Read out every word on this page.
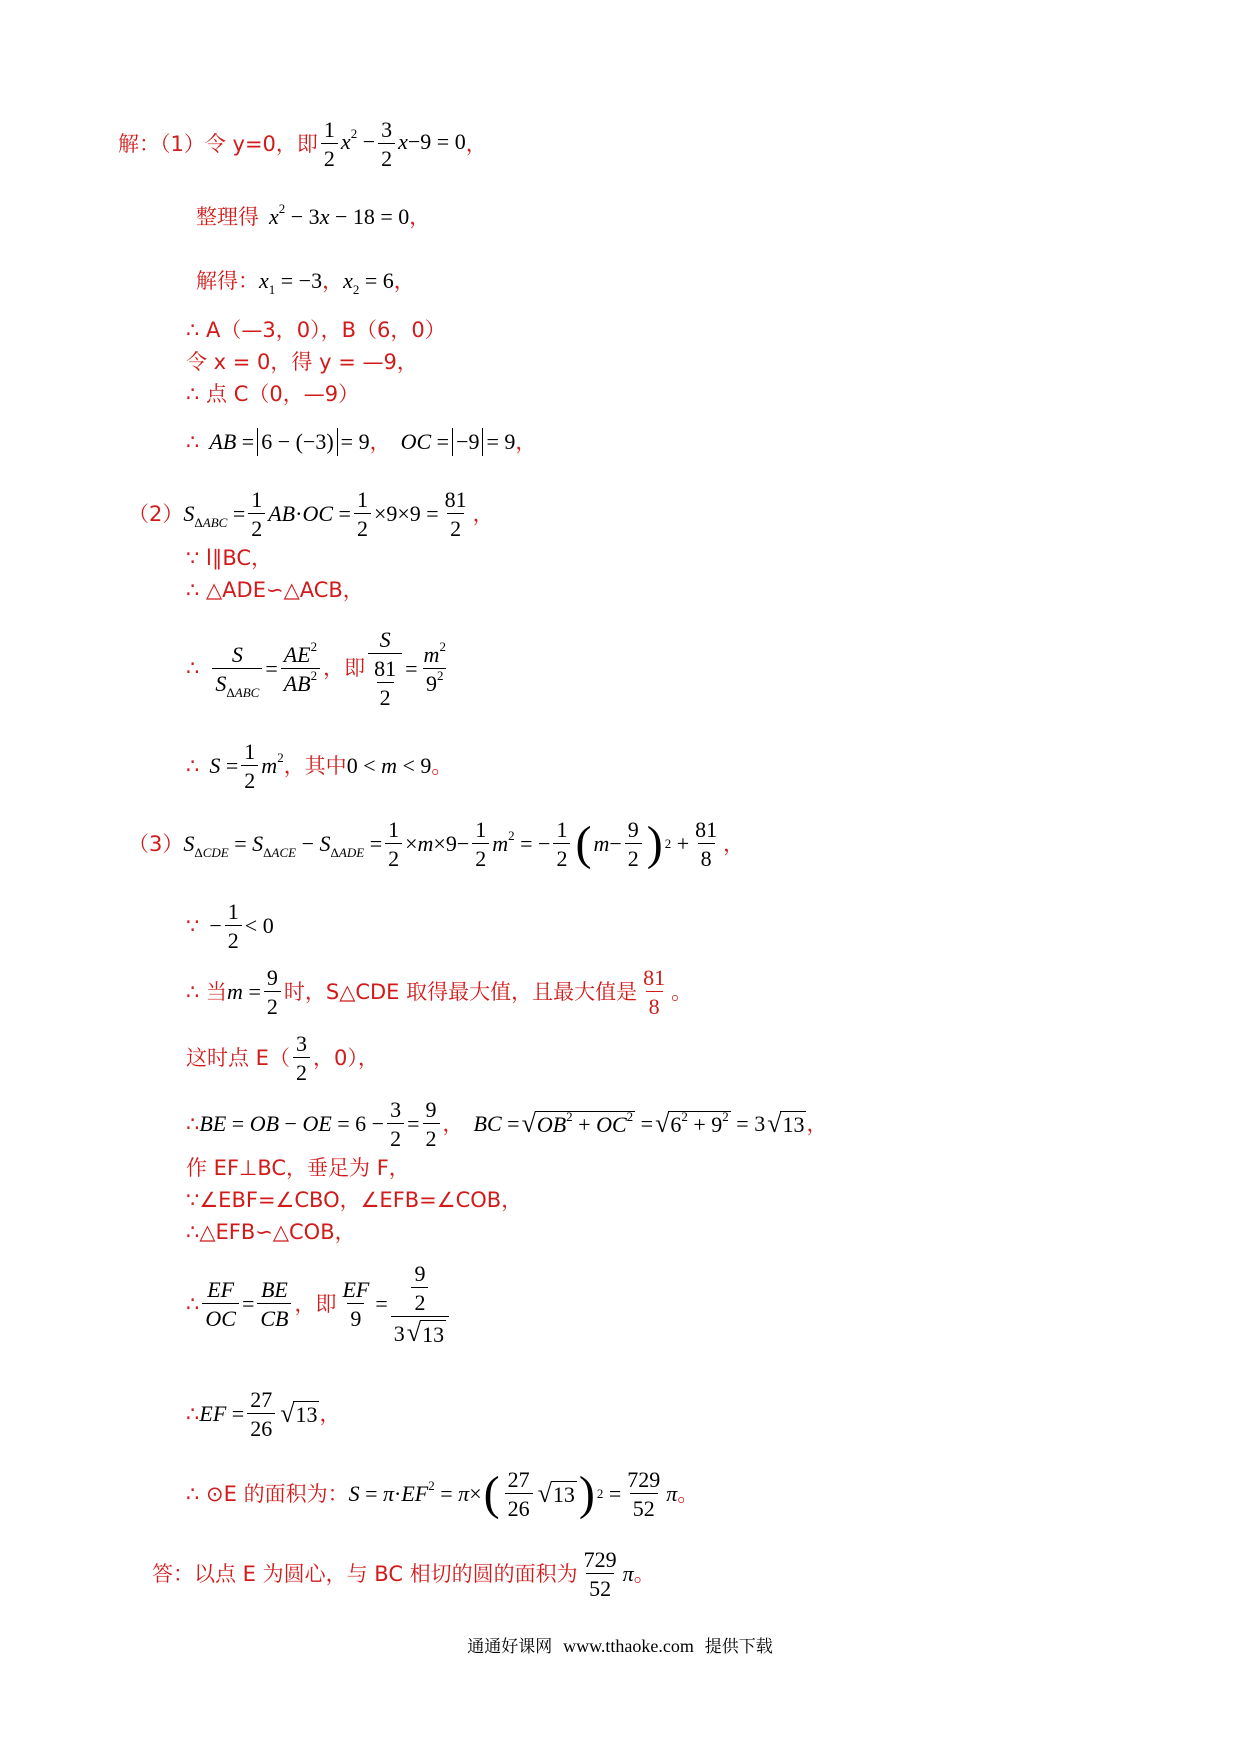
解：（1）令 y=0，即 $\frac{1}{2} x^2 - \frac{3}{2} x-9 = 0$ ，
整理得 $x^2 - 3x - 18 = 0$ ，
解得： $x_1 = -3$ ， $x_2 = 6$ ，
∴ A（—3，0），B（6，0）
令 x = 0，得 y = —9，
∴ 点 C（0，—9）
∴ AB = 6 − (−3) = 9 ， OC = −9 = 9 ，
（2） $S_{\Delta ABC} = \frac{1}{2}$ AB · OC = $\frac{1}{2} \times 9\times 9 = \frac{81}{2}$ ，
∵ l∥BC，
∴ △ADE∽△ACB，
∴ $\frac{S}{S_{\Delta ABC}} = \frac{AE^2}{AB^2}$ ，即 $\frac{S}{\frac{81}{2}} = \frac{m^2}{9^2}$
∴ $S = \frac{1}{2} m^2$ ，其中 0 < m < 9 。
（3） $S_{\Delta CDE} = S_{\Delta ACE} - S_{\Delta ADE} = \frac{1}{2} \times m\times 9- \frac{1}{2} m^2$ = − $\frac{1}{2}$ ( $m - \frac{9}{2}$ ) $2 + \frac{81}{8}$ ，
∵ − $\frac{1}{2} < 0$
∴ 当 $m = \frac{9}{2}$ 时，S△CDE 取得最大值，且最大值是 $\frac{81}{8}$ 。
这时点 $E( \frac{3}{2}$ ，0），
∴ BE = OB − OE = $6 - \frac{3}{2} = \frac{9}{2}$ ， BC = √ $OB^2 + OC^2$ = √ $6^2 + 9^2 = 3$ √ 13 ，
作 EF⊥BC，垂足为 F，
∵∠EBF=∠CBO，∠EFB=∠COB，
∴△EFB∽△COB，
∴ $\frac{EF}{OC} = \frac{BE}{CB}$ ，即 $\frac{EF}{9} = \frac{\frac{9}{2}}{3 √ 13}$
∴ EF = $\frac{27}{26}$ √ 13 ，
∴ ⊙E 的面积为： $S = \pi\cdot EF^2 = \pi\times$ ( $\frac{27}{26}$ √ 13 ) $2 = \frac{729}{52}$ π 。
答：以点 E 为圆心，与 BC 相切的圆的面积为 $\frac{729}{52}$ π 。
通通好课网 www.tthaoke.com 提供下载
